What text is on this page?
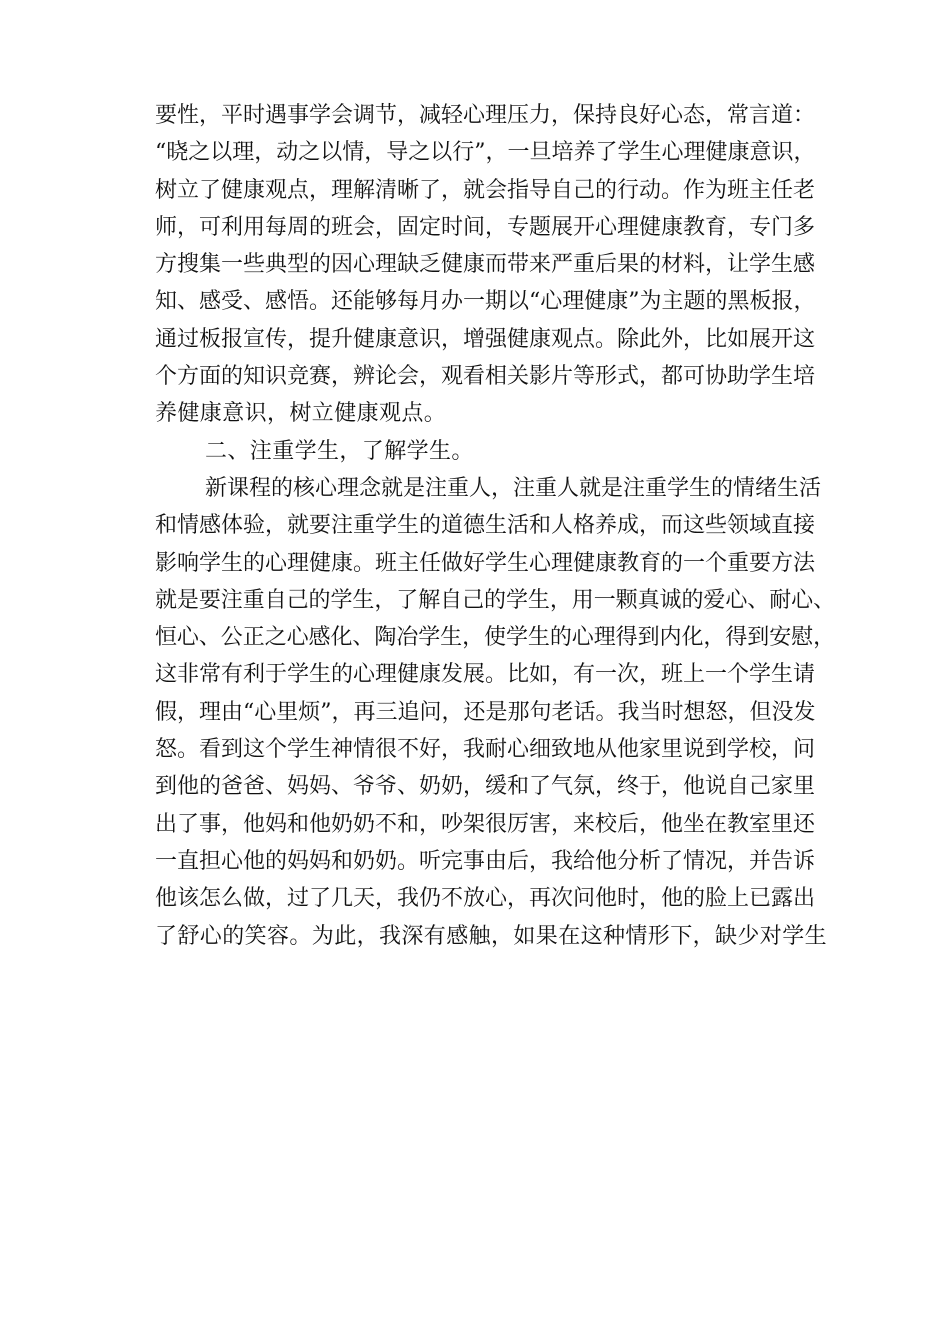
要性，平时遇事学会调节，减轻心理压力，保持良好心态，常言道：
“晓之以理，动之以情，导之以行”，一旦培养了学生心理健康意识，
树立了健康观点，理解清晰了，就会指导自己的行动。作为班主任老
师，可利用每周的班会，固定时间，专题展开心理健康教育，专门多
方搜集一些典型的因心理缺乏健康而带来严重后果的材料，让学生感
知、感受、感悟。还能够每月办一期以“心理健康”为主题的黑板报，
通过板报宣传，提升健康意识，增强健康观点。除此外，比如展开这
个方面的知识竞赛，辨论会，观看相关影片等形式，都可协助学生培
养健康意识，树立健康观点。
二、注重学生，了解学生。
新课程的核心理念就是注重人，注重人就是注重学生的情绪生活
和情感体验，就要注重学生的道德生活和人格养成，而这些领域直接
影响学生的心理健康。班主任做好学生心理健康教育的一个重要方法
就是要注重自己的学生，了解自己的学生，用一颗真诚的爱心、耐心、
恒心、公正之心感化、陶冶学生，使学生的心理得到内化，得到安慰，
这非常有利于学生的心理健康发展。比如，有一次，班上一个学生请
假，理由“心里烦”，再三追问，还是那句老话。我当时想怒，但没发
怒。看到这个学生神情很不好，我耐心细致地从他家里说到学校，问
到他的爸爸、妈妈、爷爷、奶奶，缓和了气氛，终于，他说自己家里
出了事，他妈和他奶奶不和，吵架很厉害，来校后，他坐在教室里还
一直担心他的妈妈和奶奶。听完事由后，我给他分析了情况，并告诉
他该怎么做，过了几天，我仍不放心，再次问他时，他的脸上已露出
了舒心的笑容。为此，我深有感触，如果在这种情形下，缺少对学生
